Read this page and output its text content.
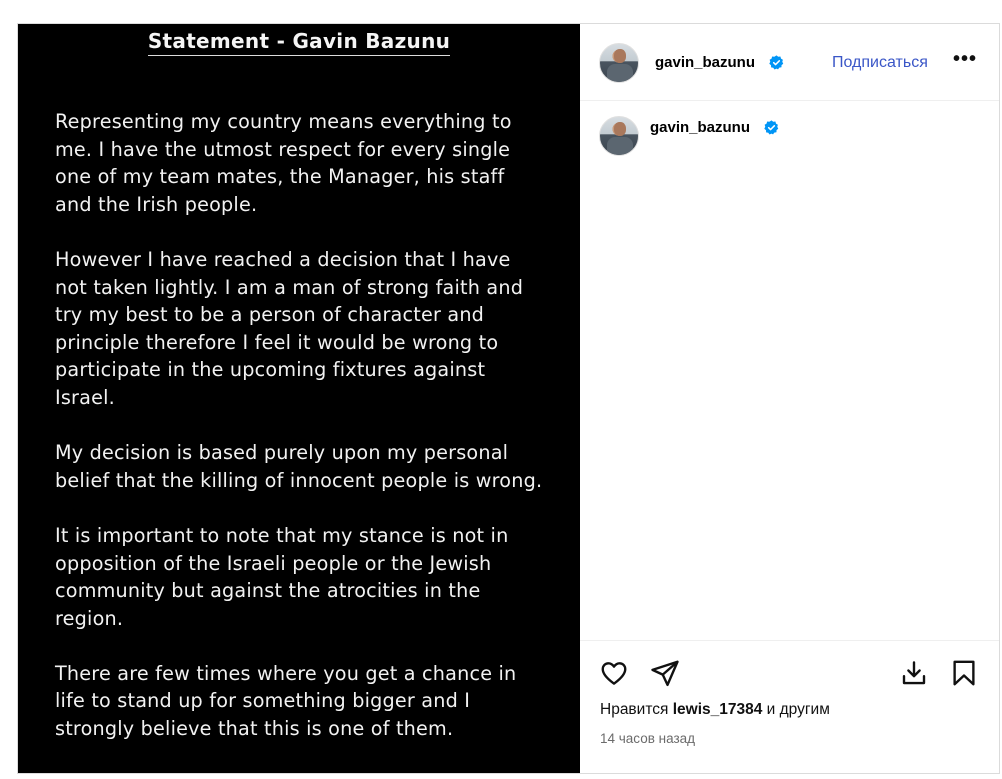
Statement - Gavin Bazunu

Representing my country means everything to me. I have the utmost respect for every single one of my team mates, the Manager, his staff and the Irish people.

However I have reached a decision that I have not taken lightly. I am a man of strong faith and try my best to be a person of character and principle therefore I feel it would be wrong to participate in the upcoming fixtures against Israel.

My decision is based purely upon my personal belief that the killing of innocent people is wrong.

It is important to note that my stance is not in opposition of the Israeli people or the Jewish community but against the atrocities in the region.

There are few times where you get a chance in life to stand up for something bigger and I strongly believe that this is one of them.

gavin_bazunu	Подписаться •••
gavin_bazunu
Нравится lewis_17384 и другим
14 часов назад
